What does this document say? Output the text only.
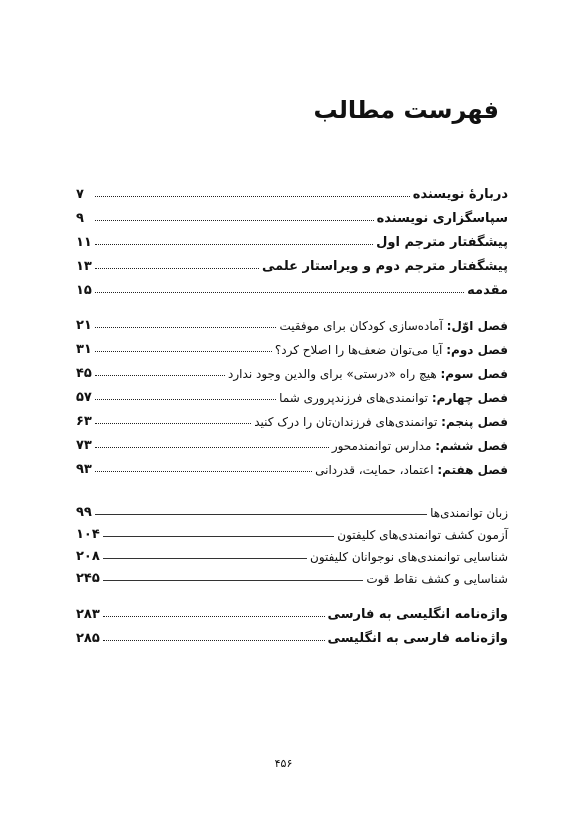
فهرست مطالب
دربارهٔ نویسنده
۷
سپاسگزاری نویسنده
۹
پیشگفتار مترجم اول
۱۱
پیشگفتار مترجم دوم و ویراستار علمی
۱۳
مقدمه
۱۵
فصل اوّل: آماده‌سازی کودکان برای موفقیت
۲۱
فصل دوم: آیا می‌توان ضعف‌ها را اصلاح کرد؟
۳۱
فصل سوم: هیچ راه «درستی» برای والدین وجود ندارد
۴۵
فصل چهارم: توانمندی‌های فرزندپروری شما
۵۷
فصل پنجم: توانمندی‌های فرزندان‌تان را درک کنید
۶۳
فصل ششم: مدارس توانمندمحور
۷۳
فصل هفتم: اعتماد، حمایت، قدردانی
۹۳
زبان توانمندی‌ها
۹۹
آزمون کشف توانمندی‌های کلیفتون
۱۰۴
شناسایی توانمندی‌های نوجوانان کلیفتون
۲۰۸
شناسایی و کشف نقاط قوت
۲۴۵
واژه‌نامه انگلیسی به فارسی
۲۸۳
واژه‌نامه فارسی به انگلیسی
۲۸۵
۴۵۶
